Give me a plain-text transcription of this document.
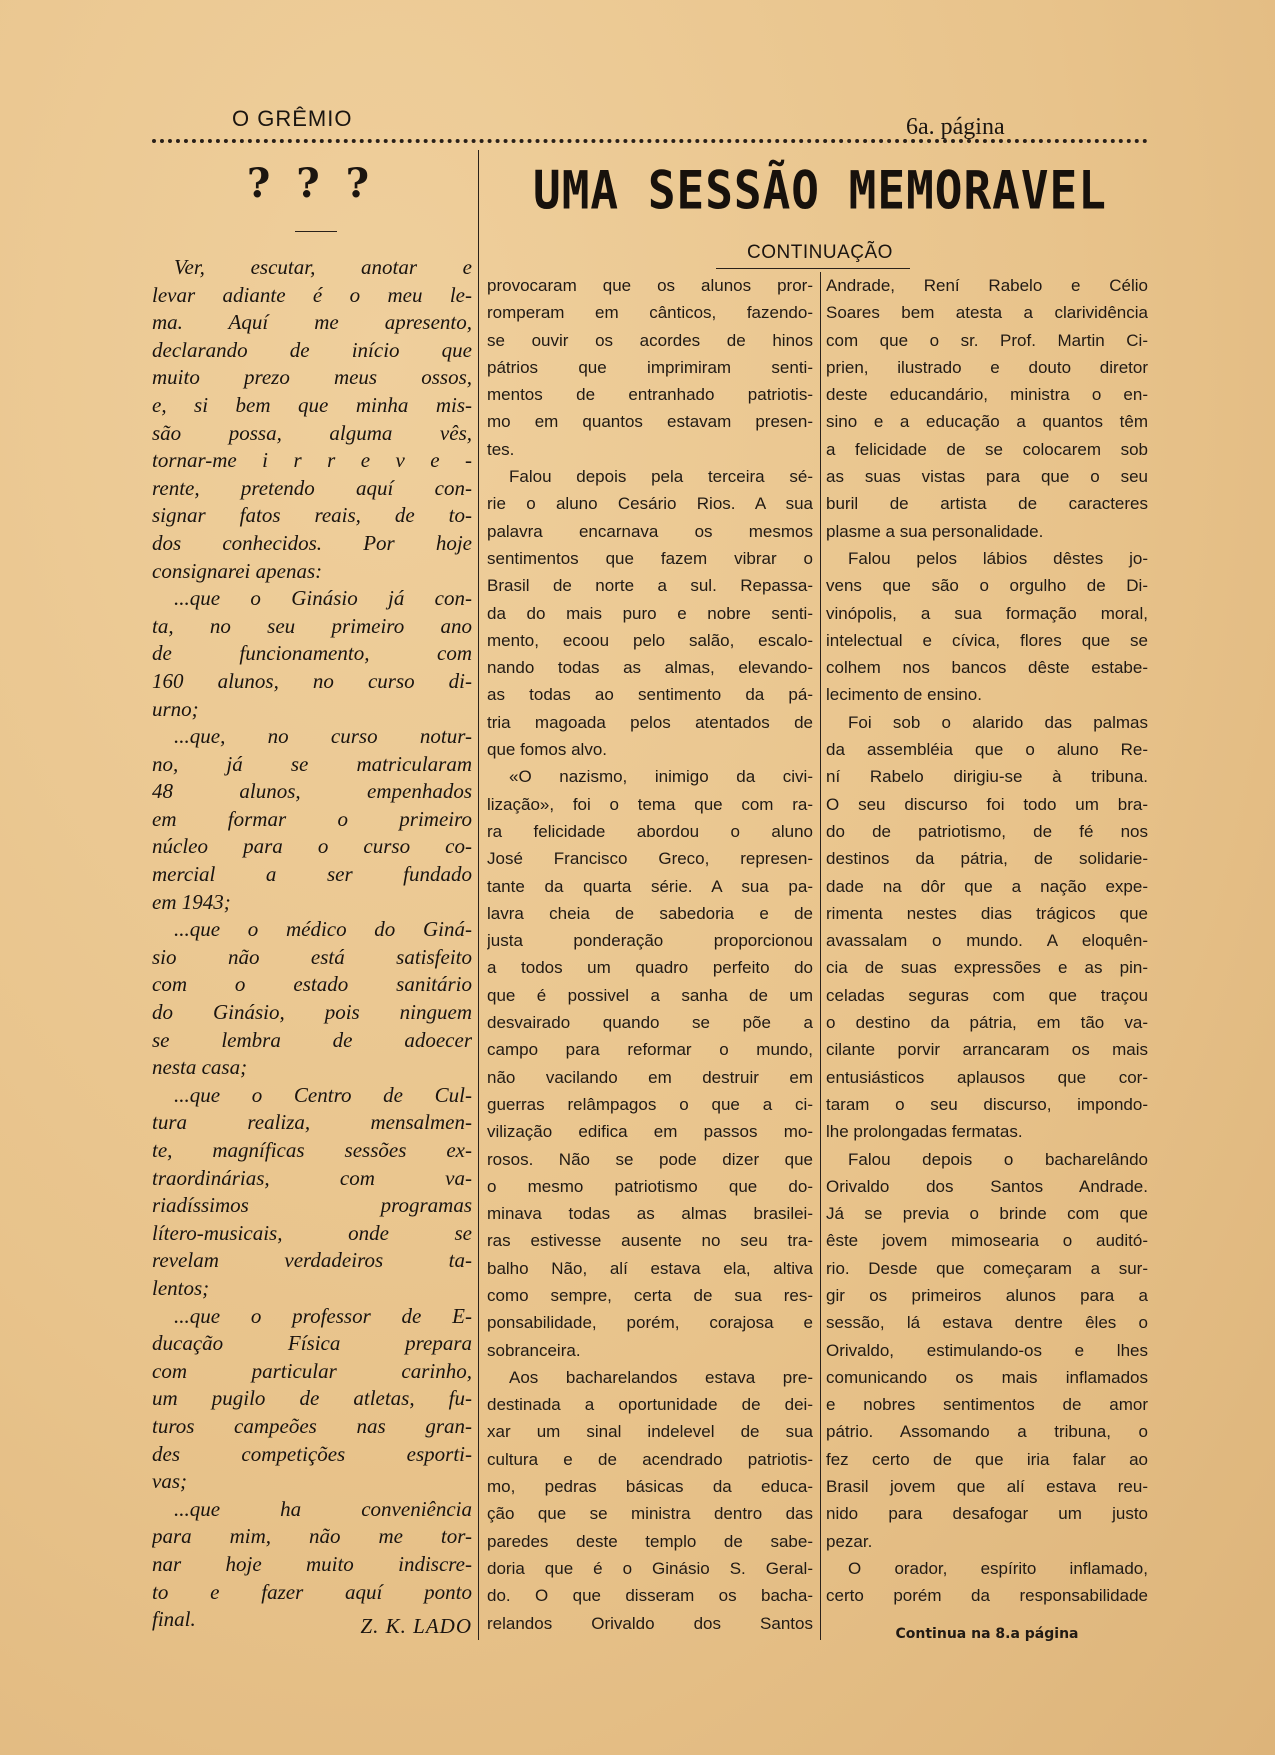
O GRÊMIO	6a. página
? ? ?
Ver, escutar, anotar e
levar adiante é o meu le-
ma. Aquí me apresento,
declarando de início que
muito prezo meus ossos,
e, si bem que minha mis-
são possa, alguma vês,
tornar-me i r r e v e -
rente, pretendo aquí con-
signar fatos reais, de to-
dos conhecidos. Por hoje
consignarei apenas:
...que o Ginásio já con-
ta, no seu primeiro ano
de funcionamento, com
160 alunos, no curso di-
urno;
...que, no curso notur-
no, já se matricularam
48 alunos, empenhados
em formar o primeiro
núcleo para o curso co-
mercial a ser fundado
em 1943;
...que o médico do Giná-
sio não está satisfeito
com o estado sanitário
do Ginásio, pois ninguem
se lembra de adoecer
nesta casa;
...que o Centro de Cul-
tura realiza, mensalmen-
te, magníficas sessões ex-
traordinárias, com va-
riadíssimos programas
lítero-musicais, onde se
revelam verdadeiros ta-
lentos;
...que o professor de E-
ducação Física prepara
com particular carinho,
um pugilo de atletas, fu-
turos campeões nas gran-
des competições esporti-
vas;
...que ha conveniência
para mim, não me tor-
nar hoje muito indiscre-
to e fazer aquí ponto
final.	Z. K. LADO
UMA SESSÃO MEMORAVEL
CONTINUAÇÃO
provocaram que os alunos pror-
romperam em cânticos, fazendo-
se ouvir os acordes de hinos
pátrios que imprimiram senti-
mentos de entranhado patriotis-
mo em quantos estavam presen-
tes.
Falou depois pela terceira sé-
rie o aluno Cesário Rios. A sua
palavra encarnava os mesmos
sentimentos que fazem vibrar o
Brasil de norte a sul. Repassa-
da do mais puro e nobre senti-
mento, ecoou pelo salão, escalo-
nando todas as almas, elevando-
as todas ao sentimento da pá-
tria magoada pelos atentados de
que fomos alvo.
«O nazismo, inimigo da civi-
lização», foi o tema que com ra-
ra felicidade abordou o aluno
José Francisco Greco, represen-
tante da quarta série. A sua pa-
lavra cheia de sabedoria e de
justa ponderação proporcionou
a todos um quadro perfeito do
que é possivel a sanha de um
desvairado quando se põe a
campo para reformar o mundo,
não vacilando em destruir em
guerras relâmpagos o que a ci-
vilização edifica em passos mo-
rosos. Não se pode dizer que
o mesmo patriotismo que do-
minava todas as almas brasilei-
ras estivesse ausente no seu tra-
balho Não, alí estava ela, altiva
como sempre, certa de sua res-
ponsabilidade, porém, corajosa e
sobranceira.
Aos bacharelandos estava pre-
destinada a oportunidade de dei-
xar um sinal indelevel de sua
cultura e de acendrado patriotis-
mo, pedras básicas da educa-
ção que se ministra dentro das
paredes deste templo de sabe-
doria que é o Ginásio S. Geral-
do. O que disseram os bacha-
relandos Orivaldo dos Santos
Andrade, Rení Rabelo e Célio
Soares bem atesta a clarividência
com que o sr. Prof. Martin Ci-
prien, ilustrado e douto diretor
deste educandário, ministra o en-
sino e a educação a quantos têm
a felicidade de se colocarem sob
as suas vistas para que o seu
buril de artista de caracteres
plasme a sua personalidade.
Falou pelos lábios dêstes jo-
vens que são o orgulho de Di-
vinópolis, a sua formação moral,
intelectual e cívica, flores que se
colhem nos bancos dêste estabe-
lecimento de ensino.
Foi sob o alarido das palmas
da assembléia que o aluno Re-
ní Rabelo dirigiu-se à tribuna.
O seu discurso foi todo um bra-
do de patriotismo, de fé nos
destinos da pátria, de solidarie-
dade na dôr que a nação expe-
rimenta nestes dias trágicos que
avassalam o mundo. A eloquên-
cia de suas expressões e as pin-
celadas seguras com que traçou
o destino da pátria, em tão va-
cilante porvir arrancaram os mais
entusiásticos aplausos que cor-
taram o seu discurso, impondo-
lhe prolongadas fermatas.
Falou depois o bacharelândo
Orivaldo dos Santos Andrade.
Já se previa o brinde com que
êste jovem mimosearia o auditó-
rio. Desde que começaram a sur-
gir os primeiros alunos para a
sessão, lá estava dentre êles o
Orivaldo, estimulando-os e lhes
comunicando os mais inflamados
e nobres sentimentos de amor
pátrio. Assomando a tribuna, o
fez certo de que iria falar ao
Brasil jovem que alí estava reu-
nido para desafogar um justo
pezar.
O orador, espírito inflamado,
certo porém da responsabilidade
Continua na 8.a página
